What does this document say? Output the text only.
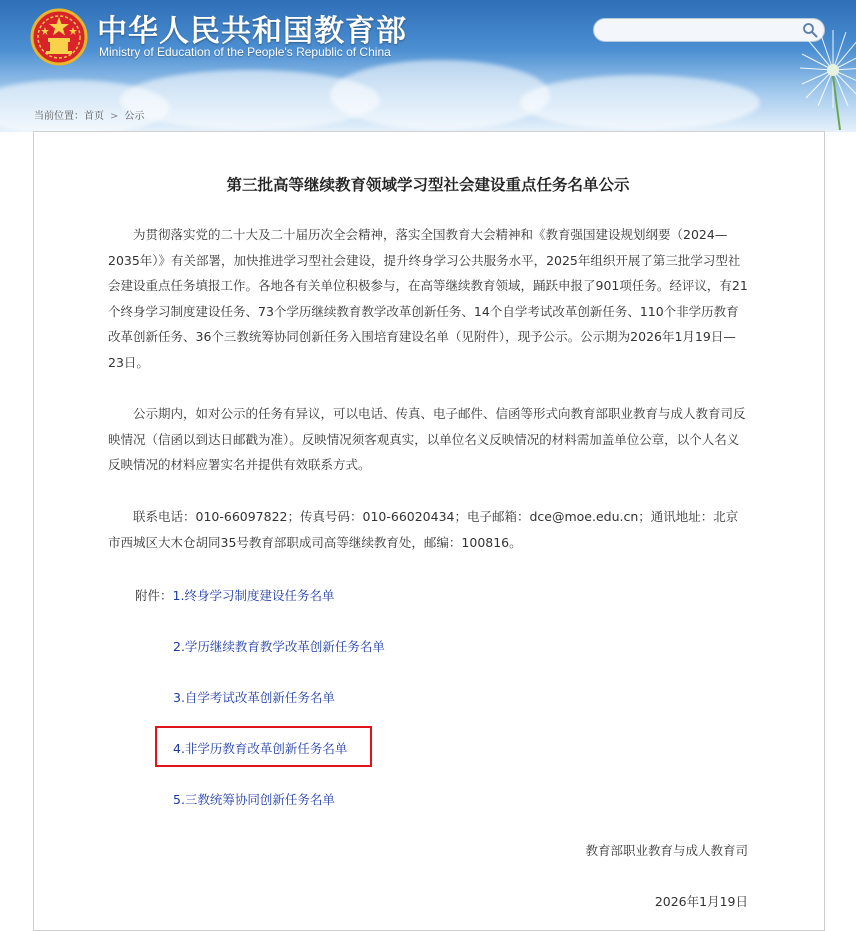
中华人民共和国教育部
Ministry of Education of the People's Republic of China
当前位置：首页 > 公示
第三批高等继续教育领域学习型社会建设重点任务名单公示

为贯彻落实党的二十大及二十届历次全会精神，落实全国教育大会精神和《教育强国建设规划纲要（2024—2035年）》有关部署，加快推进学习型社会建设，提升终身学习公共服务水平，2025年组织开展了第三批学习型社会建设重点任务填报工作。各地各有关单位积极参与，在高等继续教育领域，踊跃申报了901项任务。经评议，有21个终身学习制度建设任务、73个学历继续教育教学改革创新任务、14个自学考试改革创新任务、110个非学历教育改革创新任务、36个三教统筹协同创新任务入围培育建设名单（见附件），现予公示。公示期为2026年1月19日—23日。

公示期内，如对公示的任务有异议，可以电话、传真、电子邮件、信函等形式向教育部职业教育与成人教育司反映情况（信函以到达日邮戳为准）。反映情况须客观真实，以单位名义反映情况的材料需加盖单位公章，以个人名义反映情况的材料应署实名并提供有效联系方式。

联系电话：010-66097822；传真号码：010-66020434；电子邮箱：dce@moe.edu.cn；通讯地址：北京市西城区大木仓胡同35号教育部职成司高等继续教育处，邮编：100816。

附件：1.终身学习制度建设任务名单
2.学历继续教育教学改革创新任务名单
3.自学考试改革创新任务名单
4.非学历教育改革创新任务名单
5.三教统筹协同创新任务名单
教育部职业教育与成人教育司
2026年1月19日
